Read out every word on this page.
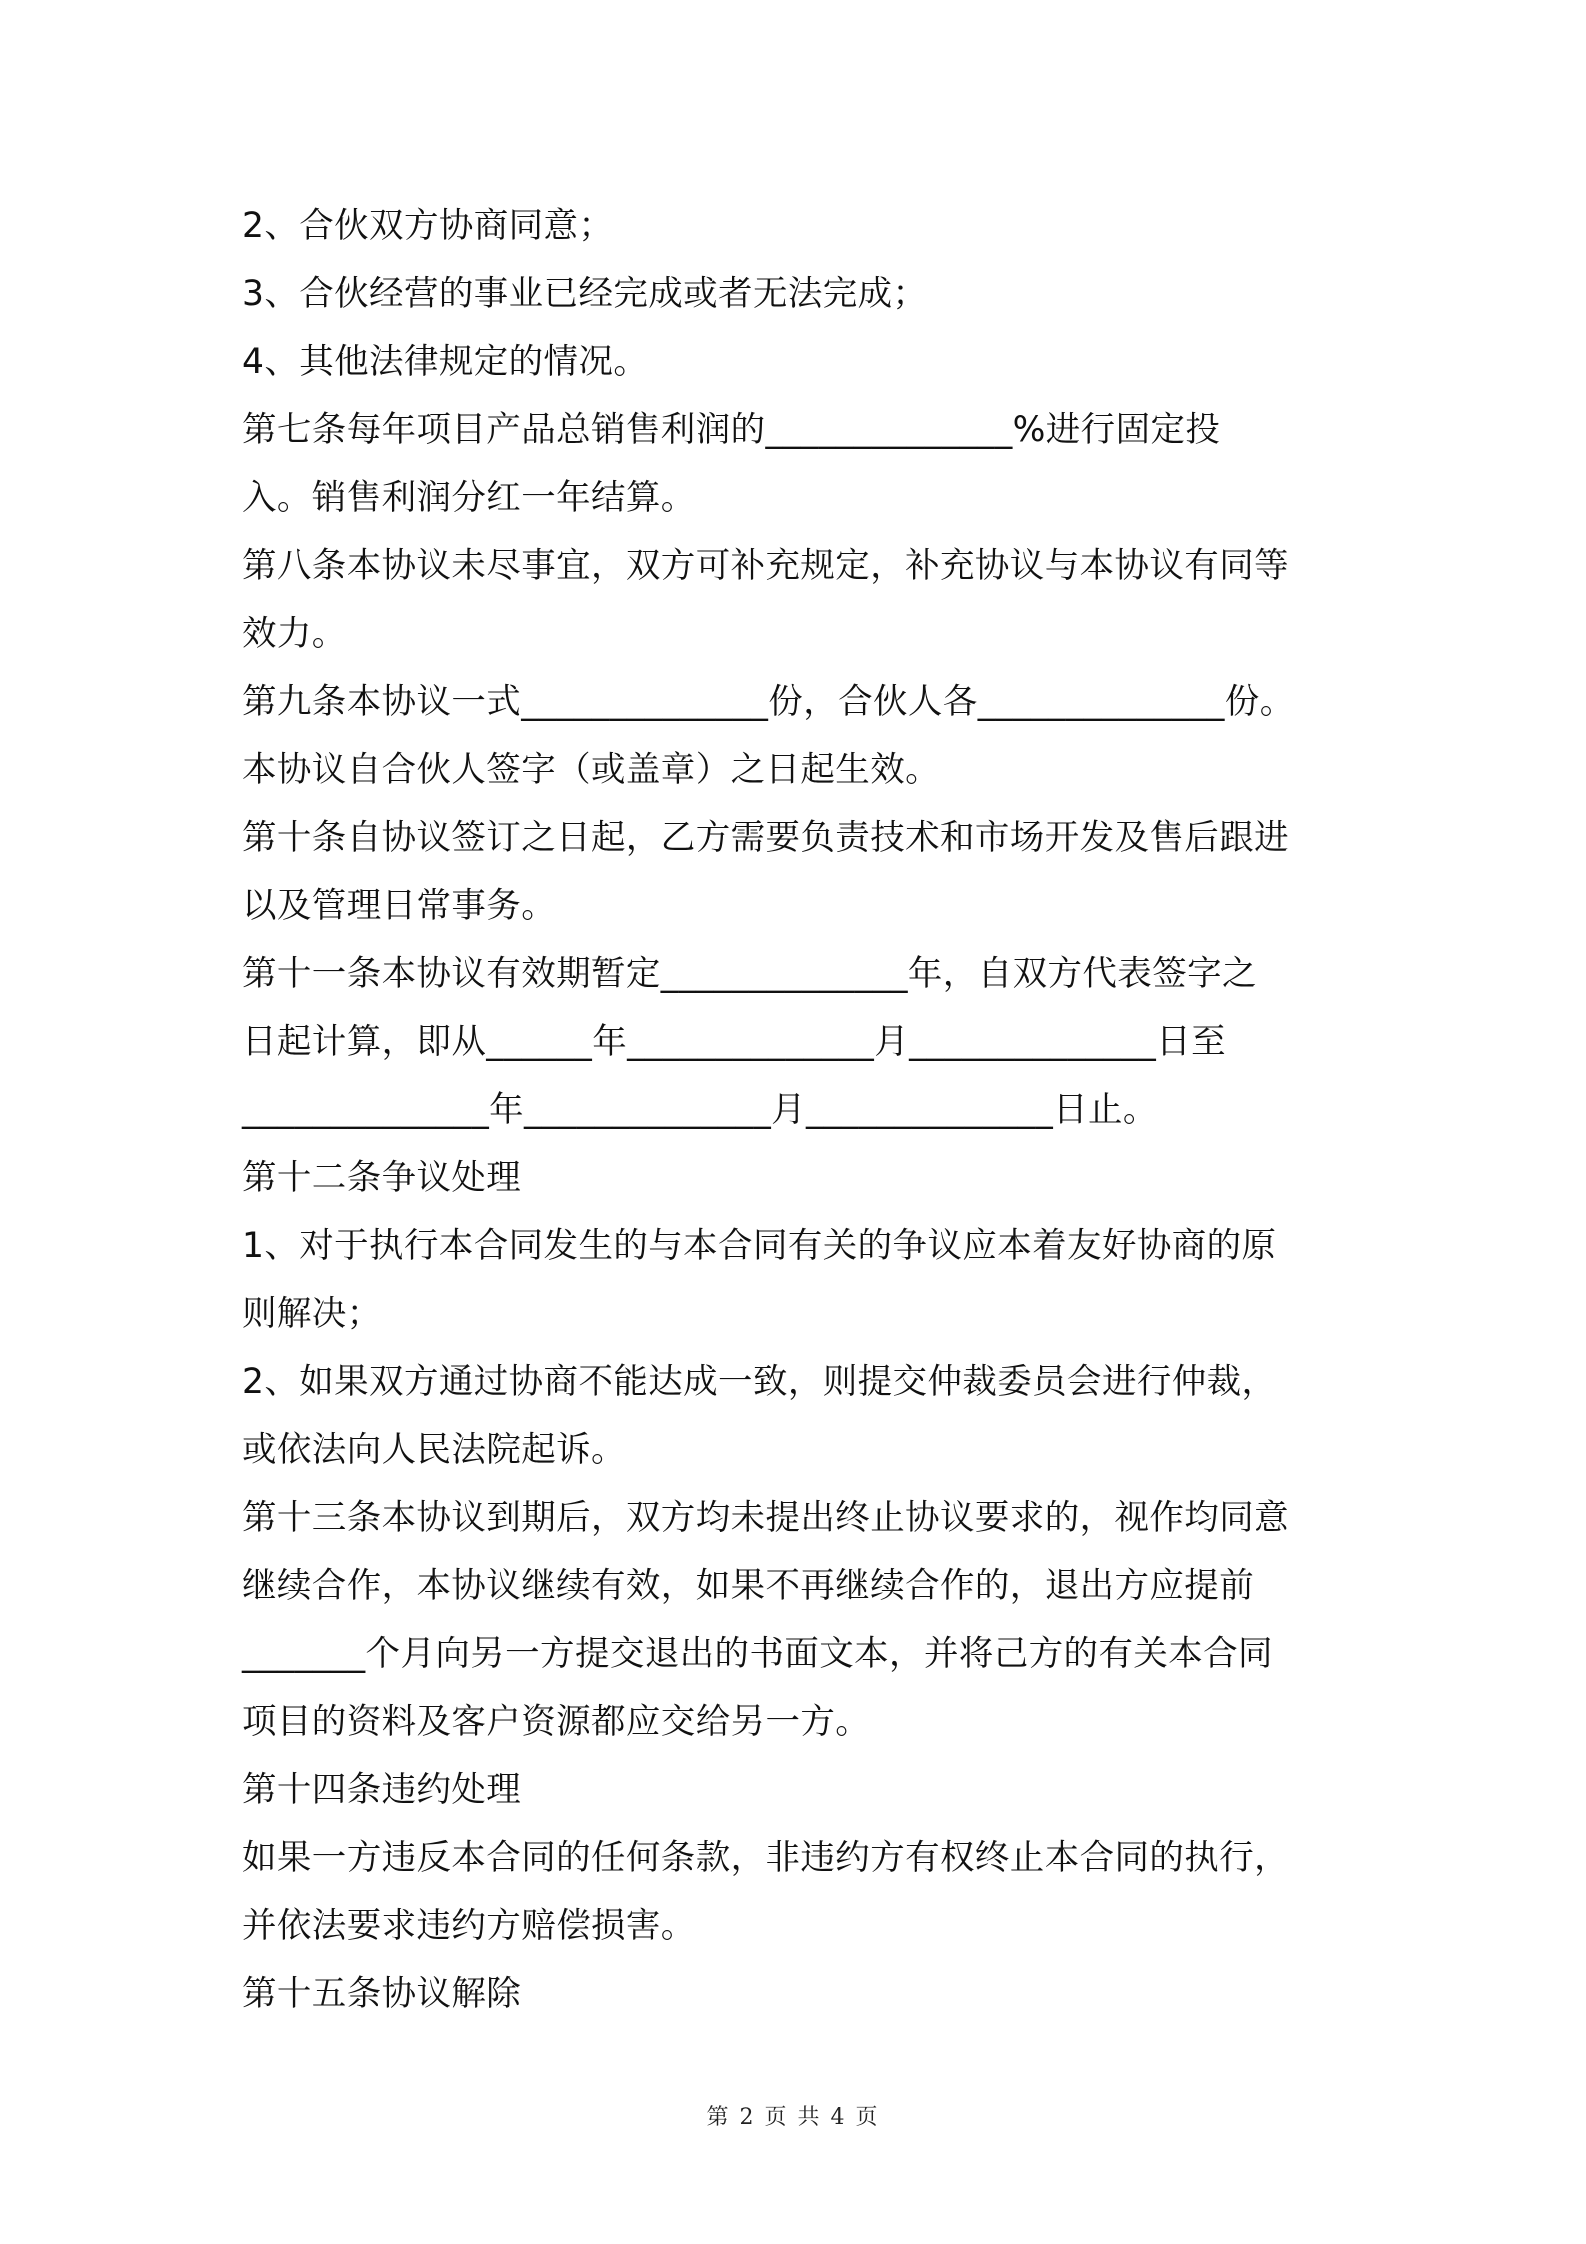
2、合伙双方协商同意；
3、合伙经营的事业已经完成或者无法完成；
4、其他法律规定的情况。
第七条每年项目产品总销售利润的______________%进行固定投
入。销售利润分红一年结算。
第八条本协议未尽事宜，双方可补充规定，补充协议与本协议有同等
效力。
第九条本协议一式______________份，合伙人各______________份。
本协议自合伙人签字（或盖章）之日起生效。
第十条自协议签订之日起，乙方需要负责技术和市场开发及售后跟进
以及管理日常事务。
第十一条本协议有效期暂定______________年，自双方代表签字之
日起计算，即从______年______________月______________日至
______________年______________月______________日止。
第十二条争议处理
1、对于执行本合同发生的与本合同有关的争议应本着友好协商的原
则解决；
2、如果双方通过协商不能达成一致，则提交仲裁委员会进行仲裁，
或依法向人民法院起诉。
第十三条本协议到期后，双方均未提出终止协议要求的，视作均同意
继续合作，本协议继续有效，如果不再继续合作的，退出方应提前
_______个月向另一方提交退出的书面文本，并将己方的有关本合同
项目的资料及客户资源都应交给另一方。
第十四条违约处理
如果一方违反本合同的任何条款，非违约方有权终止本合同的执行，
并依法要求违约方赔偿损害。
第十五条协议解除
第 2 页 共 4 页
